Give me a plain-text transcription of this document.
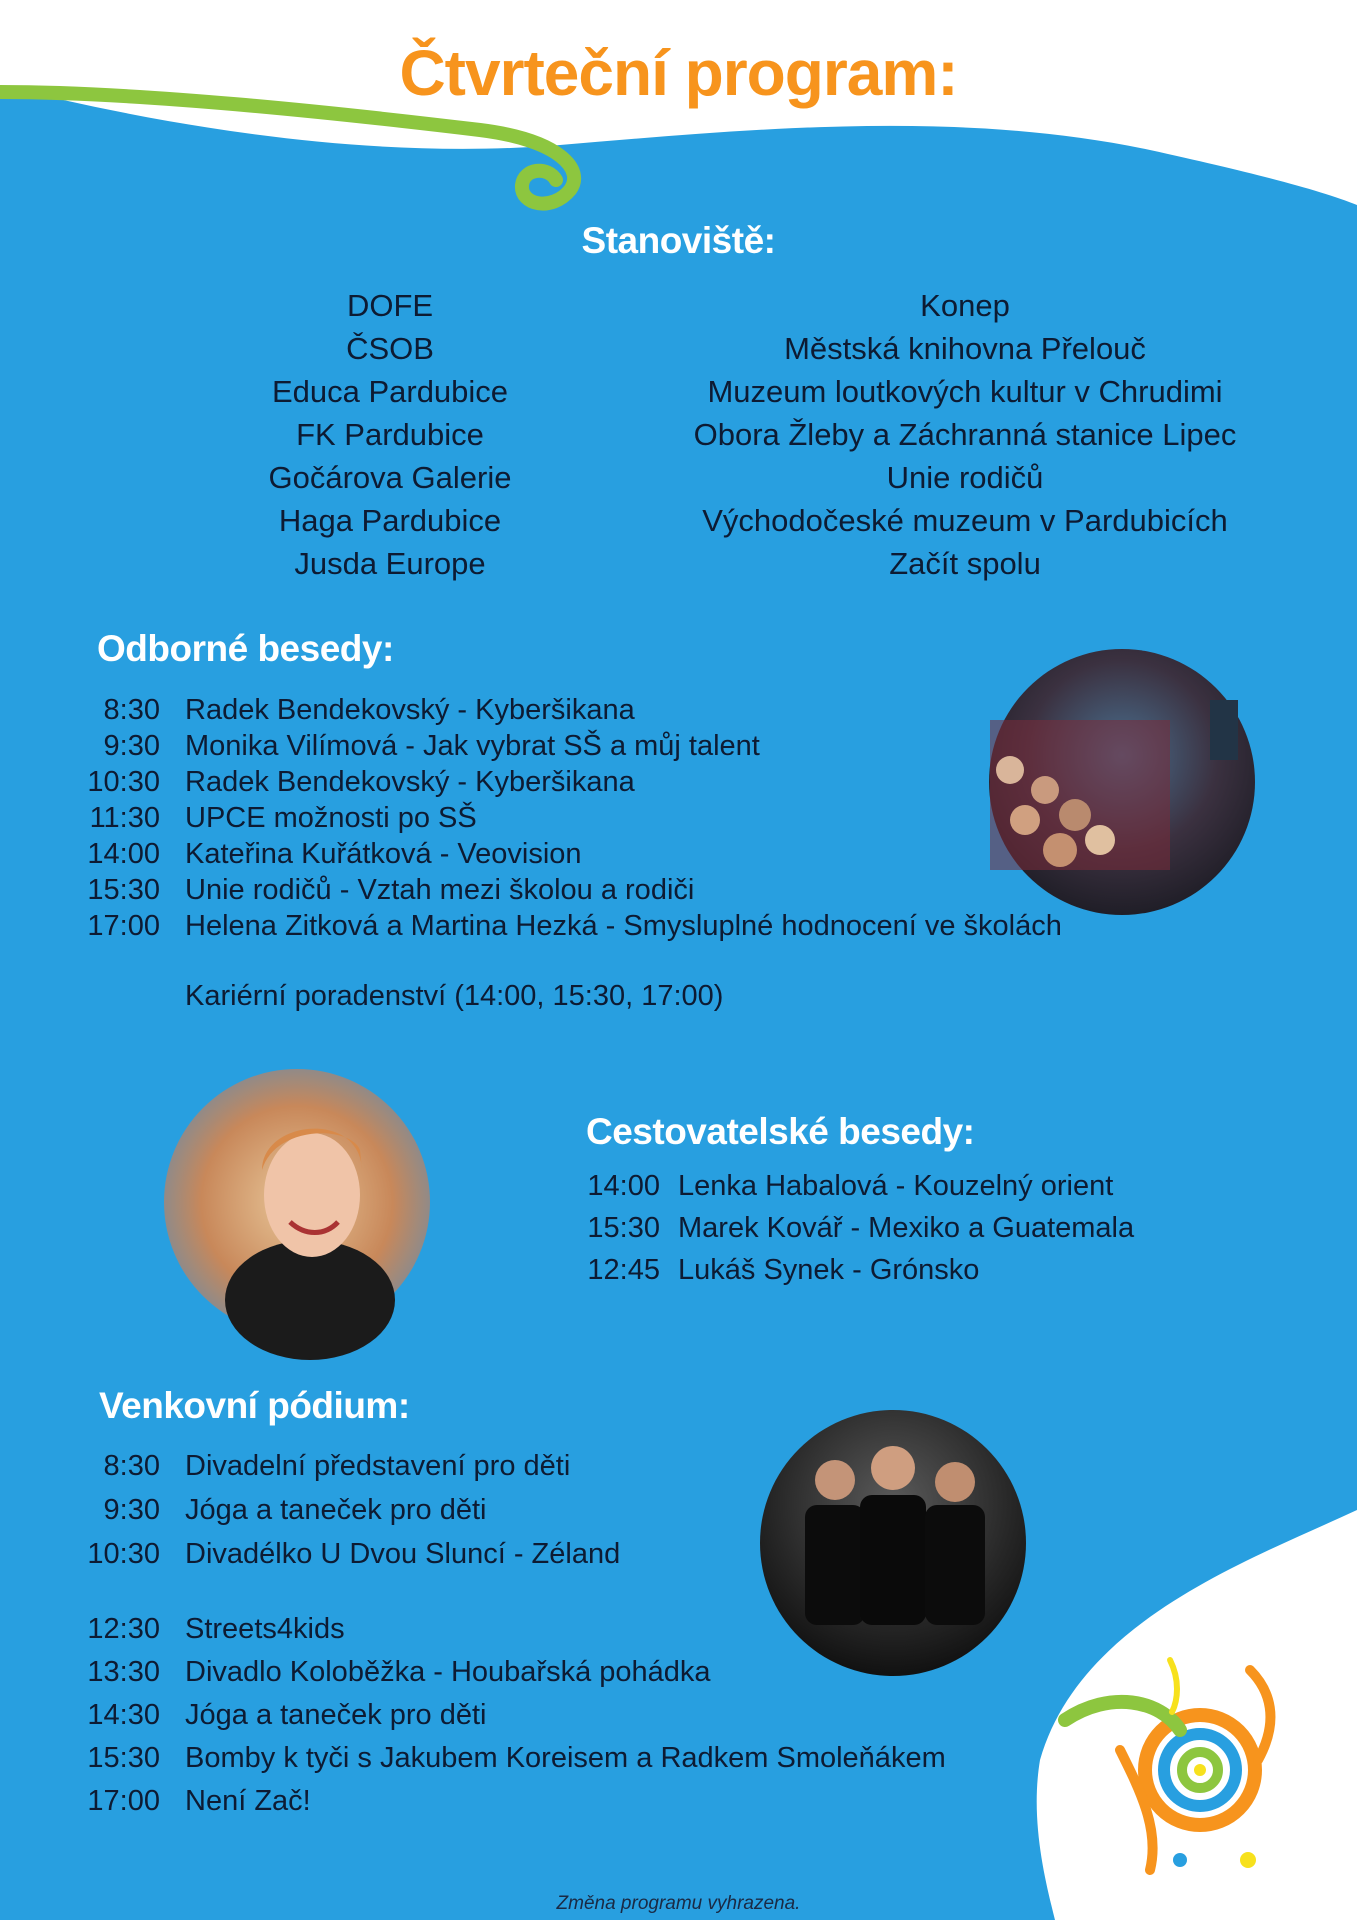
Čtvrteční program:
Stanoviště:
DOFE
ČSOB
Educa Pardubice
FK Pardubice
Gočárova Galerie
Haga Pardubice
Jusda Europe
Konep
Městská knihovna Přelouč
Muzeum loutkových kultur v Chrudimi
Obora Žleby a Záchranná stanice Lipec
Unie rodičů
Východočeské muzeum v Pardubicích
Začít spolu
Odborné besedy:
8:30 Radek Bendekovský - Kyberšikana
9:30 Monika Vilímová - Jak vybrat SŠ a můj talent
10:30 Radek Bendekovský - Kyberšikana
11:30 UPCE možnosti po SŠ
14:00 Kateřina Kuřátková - Veovision
15:30 Unie rodičů - Vztah mezi školou a rodiči
17:00 Helena Zitková a Martina Hezká - Smysluplné hodnocení ve školách
Kariérní poradenství (14:00, 15:30, 17:00)
Cestovatelské besedy:
14:00 Lenka Habalová - Kouzelný orient
15:30 Marek Kovář - Mexiko a Guatemala
12:45 Lukáš Synek - Grónsko
Venkovní pódium:
8:30 Divadelní představení pro děti
9:30 Jóga a taneček pro děti
10:30 Divadélko U Dvou Sluncí - Zéland
12:30 Streets4kids
13:30 Divadlo Koloběžka - Houbařská pohádka
14:30 Jóga a taneček pro děti
15:30 Bomby k tyči s Jakubem Koreisem a Radkem Smoleňákem
17:00 Není Zač!
Změna programu vyhrazena.
